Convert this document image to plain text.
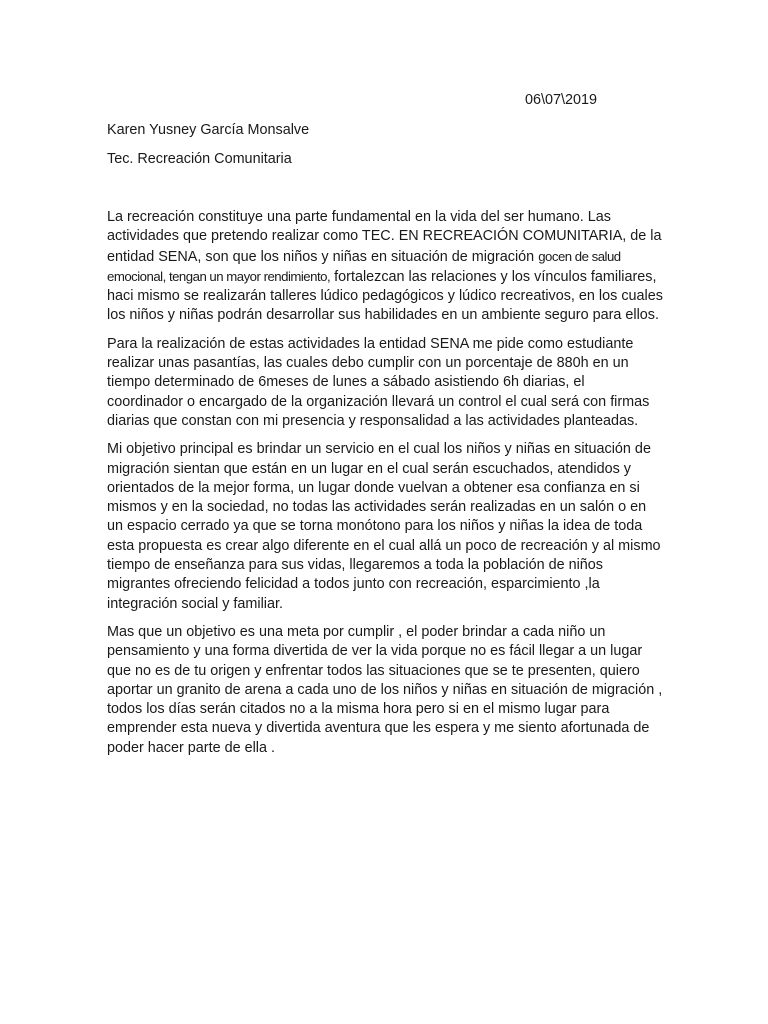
06\07\2019
Karen Yusney García Monsalve
Tec. Recreación Comunitaria

La recreación constituye una parte fundamental en la vida del ser humano. Las actividades que pretendo realizar como TEC. EN RECREACIÓN COMUNITARIA, de la entidad SENA, son que los niños y niñas en situación de migración gocen de salud emocional, tengan un mayor rendimiento, fortalezcan las relaciones y los vínculos familiares, haci mismo se realizarán talleres lúdico pedagógicos y lúdico recreativos, en los cuales los niños y niñas podrán desarrollar sus habilidades en un ambiente seguro para ellos.

Para la realización de estas actividades la entidad SENA me pide como estudiante realizar unas pasantías, las cuales debo cumplir con un porcentaje de 880h en un tiempo determinado de 6meses de lunes a sábado asistiendo 6h diarias, el coordinador o encargado de la organización llevará un control el cual será con firmas diarias que constan con mi presencia y responsalidad a las actividades planteadas.

Mi objetivo principal es brindar un servicio en el cual los niños y niñas en situación de migración sientan que están en un lugar en el cual serán escuchados, atendidos y orientados de la mejor forma, un lugar donde vuelvan a obtener esa confianza en si mismos y en la sociedad, no todas las actividades serán realizadas en un salón o en un espacio cerrado ya que se torna monótono para los niños y niñas la idea de toda esta propuesta es crear algo diferente en el cual allá un poco de recreación y al mismo tiempo de enseñanza para sus vidas, llegaremos a toda la población de niños migrantes ofreciendo felicidad a todos junto con recreación, esparcimiento ,la integración social y familiar.

Mas que un objetivo es una meta por cumplir , el poder brindar a cada niño un pensamiento y una forma divertida de ver la vida porque no es fácil llegar a un lugar que no es de tu origen y enfrentar todos las situaciones que se te presenten, quiero aportar un granito de arena a cada uno de los niños y niñas en situación de migración , todos los días serán citados no a la misma hora pero si en el mismo lugar para emprender esta nueva y divertida aventura que les espera y me siento afortunada de poder hacer parte de ella .
